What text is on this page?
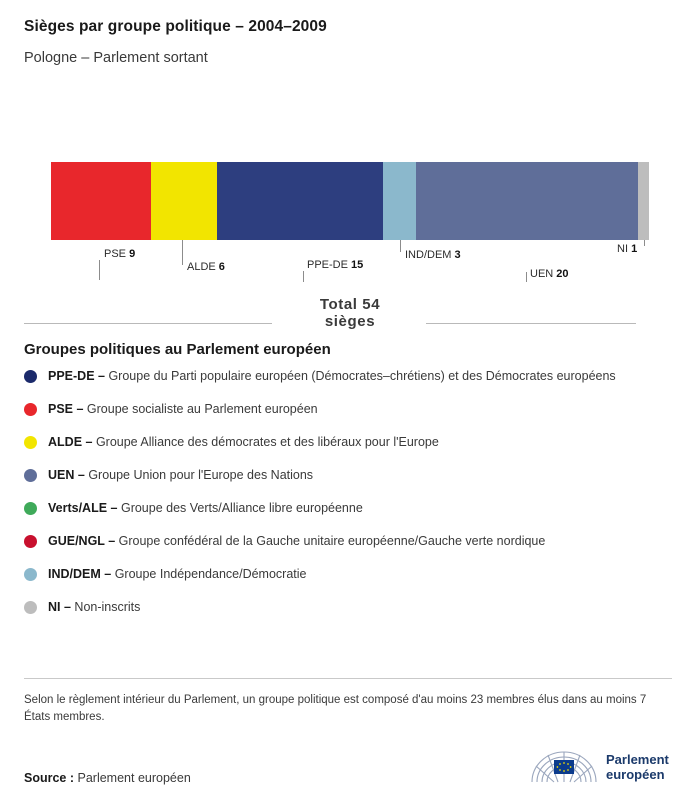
Sièges par groupe politique – 2004–2009
Pologne – Parlement sortant
PSE 9
PPE-DE 15
UEN 20
ALDE 6
IND/DEM 3	NI 1
Total 54
sièges
Groupes politiques au Parlement européen
PPE-DE – Groupe du Parti populaire européen (Démocrates–chrétiens) et des Démocrates européens
PSE – Groupe socialiste au Parlement européen
ALDE – Groupe Alliance des démocrates et des libéraux pour l'Europe
UEN – Groupe Union pour l'Europe des Nations
Verts/ALE – Groupe des Verts/Alliance libre européenne
GUE/NGL – Groupe confédéral de la Gauche unitaire européenne/Gauche verte nordique
IND/DEM – Groupe Indépendance/Démocratie
NI – Non-inscrits
Selon le règlement intérieur du Parlement, un groupe politique est composé d'au moins 23 membres élus dans au moins 7 États membres.
Source : Parlement européen
Parlement
européen
